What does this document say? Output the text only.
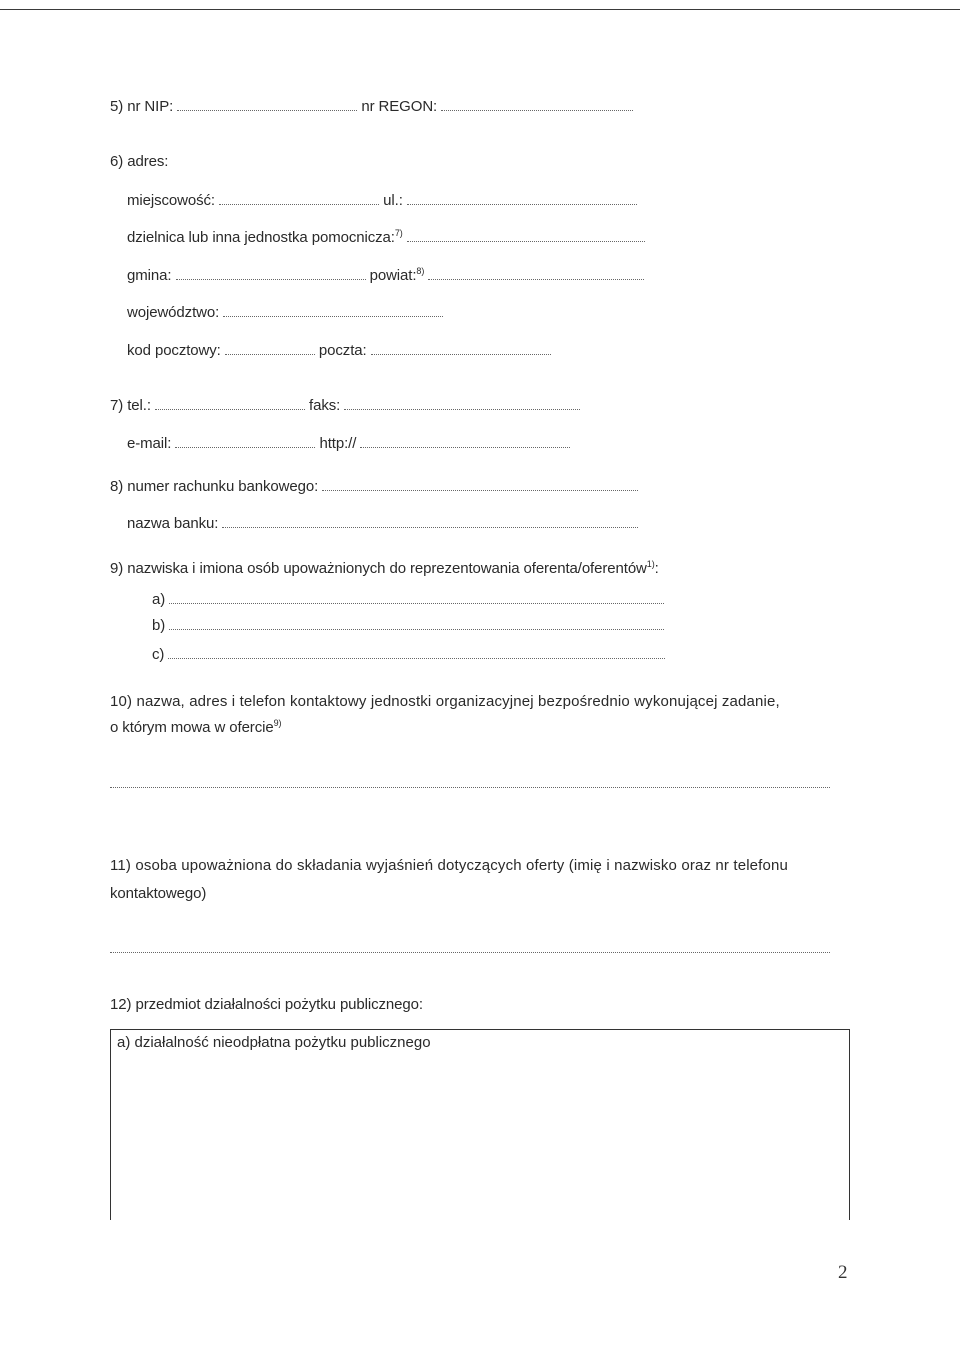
5) nr NIP:	nr REGON:
6) adres:
miejscowość:	ul.:
dzielnica lub inna jednostka pomocnicza:$^{7)}$
gmina:	powiat:$^{8)}$
województwo:
kod pocztowy:	poczta:
7) tel.:	faks:
e-mail:	http://
8) numer rachunku bankowego:
nazwa banku:
9) nazwiska i imiona osób upoważnionych do reprezentowania oferenta/oferentów$^{1)}$:
a)
b)
c)
10) nazwa, adres i telefon kontaktowy jednostki organizacyjnej bezpośrednio wykonującej zadanie,
o którym mowa w ofercie$^{9)}$
11) osoba upoważniona do składania wyjaśnień dotyczących oferty (imię i nazwisko oraz nr telefonu
kontaktowego)
12) przedmiot działalności pożytku publicznego:
a) działalność nieodpłatna pożytku publicznego
2
